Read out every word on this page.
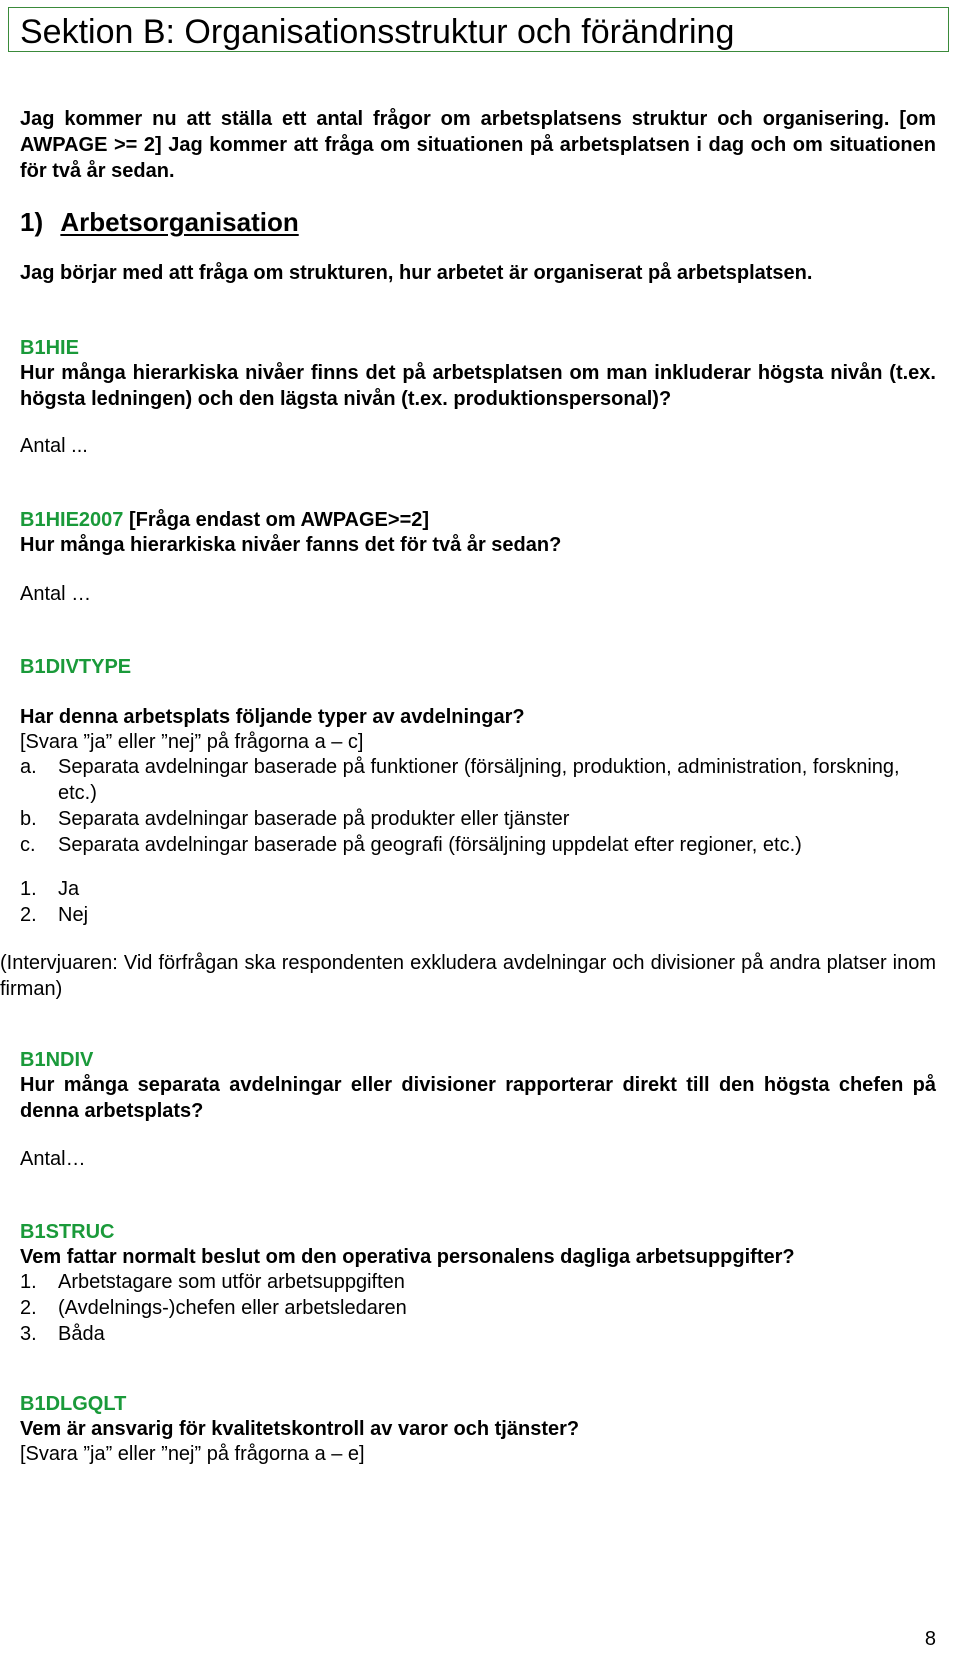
Sektion B: Organisationsstruktur och förändring
Jag kommer nu att ställa ett antal frågor om arbetsplatsens struktur och organisering. [om AWPAGE >= 2] Jag kommer att fråga om situationen på arbetsplatsen i dag och om situationen för två år sedan.
1) Arbetsorganisation
Jag börjar med att fråga om strukturen, hur arbetet är organiserat på arbetsplatsen.
B1HIE
Hur många hierarkiska nivåer finns det på arbetsplatsen om man inkluderar högsta nivån (t.ex. högsta ledningen) och den lägsta nivån (t.ex. produktionspersonal)?
Antal ...
B1HIE2007 [Fråga endast om AWPAGE>=2]
Hur många hierarkiska nivåer fanns det för två år sedan?
Antal …
B1DIVTYPE
Har denna arbetsplats följande typer av avdelningar?
[Svara ”ja” eller ”nej” på frågorna a – c]
a.	Separata avdelningar baserade på funktioner (försäljning, produktion, administration, forskning, etc.)
b.	Separata avdelningar baserade på produkter eller tjänster
c.	Separata avdelningar baserade på geografi (försäljning uppdelat efter regioner, etc.)
1.	Ja
2.	Nej
(Intervjuaren: Vid förfrågan ska respondenten exkludera avdelningar och divisioner på andra platser inom firman)
B1NDIV
Hur många separata avdelningar eller divisioner rapporterar direkt till den högsta chefen på denna arbetsplats?
Antal…
B1STRUC
Vem fattar normalt beslut om den operativa personalens dagliga arbetsuppgifter?
1.	Arbetstagare som utför arbetsuppgiften
2.	(Avdelnings-)chefen eller arbetsledaren
3.	Båda
B1DLGQLT
Vem är ansvarig för kvalitetskontroll av varor och tjänster?
[Svara ”ja” eller ”nej” på frågorna a – e]
8
